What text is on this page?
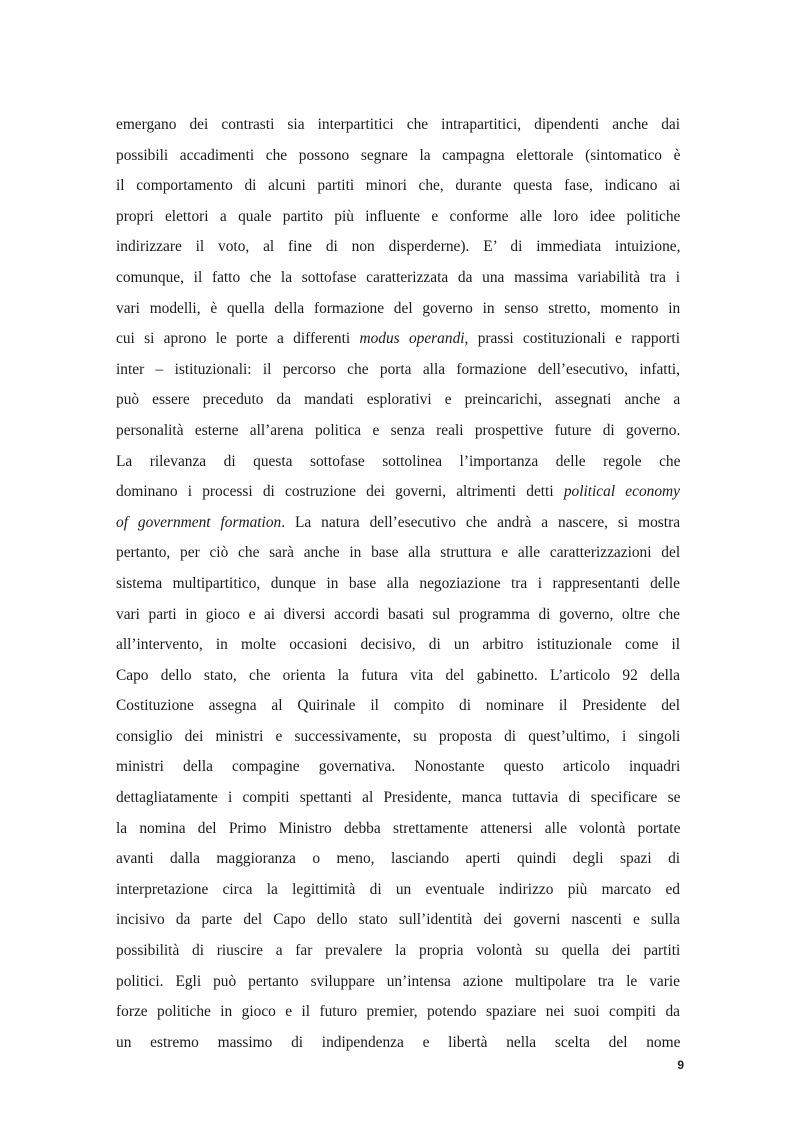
emergano dei contrasti sia interpartitici che intrapartitici, dipendenti anche dai
possibili accadimenti che possono segnare la campagna elettorale (sintomatico è
il comportamento di alcuni partiti minori che, durante questa fase, indicano ai
propri elettori a quale partito più influente e conforme alle loro idee politiche
indirizzare il voto, al fine di non disperderne). E’ di immediata intuizione,
comunque, il fatto che la sottofase caratterizzata da una massima variabilità tra i
vari modelli, è quella della formazione del governo in senso stretto, momento in
cui si aprono le porte a differenti modus operandi, prassi costituzionali e rapporti
inter – istituzionali: il percorso che porta alla formazione dell’esecutivo, infatti,
può essere preceduto da mandati esplorativi e preincarichi, assegnati anche a
personalità esterne all’arena politica e senza reali prospettive future di governo.
La rilevanza di questa sottofase sottolinea l’importanza delle regole che
dominano i processi di costruzione dei governi, altrimenti detti political economy
of government formation. La natura dell’esecutivo che andrà a nascere, si mostra
pertanto, per ciò che sarà anche in base alla struttura e alle caratterizzazioni del
sistema multipartitico, dunque in base alla negoziazione tra i rappresentanti delle
vari parti in gioco e ai diversi accordi basati sul programma di governo, oltre che
all’intervento, in molte occasioni decisivo, di un arbitro istituzionale come il
Capo dello stato, che orienta la futura vita del gabinetto. L’articolo 92 della
Costituzione assegna al Quirinale il compito di nominare il Presidente del
consiglio dei ministri e successivamente, su proposta di quest’ultimo, i singoli
ministri della compagine governativa. Nonostante questo articolo inquadri
dettagliatamente i compiti spettanti al Presidente, manca tuttavia di specificare se
la nomina del Primo Ministro debba strettamente attenersi alle volontà portate
avanti dalla maggioranza o meno, lasciando aperti quindi degli spazi di
interpretazione circa la legittimità di un eventuale indirizzo più marcato ed
incisivo da parte del Capo dello stato sull’identità dei governi nascenti e sulla
possibilità di riuscire a far prevalere la propria volontà su quella dei partiti
politici. Egli può pertanto sviluppare un’intensa azione multipolare tra le varie
forze politiche in gioco e il futuro premier, potendo spaziare nei suoi compiti da
un estremo massimo di indipendenza e libertà nella scelta del nome
9
